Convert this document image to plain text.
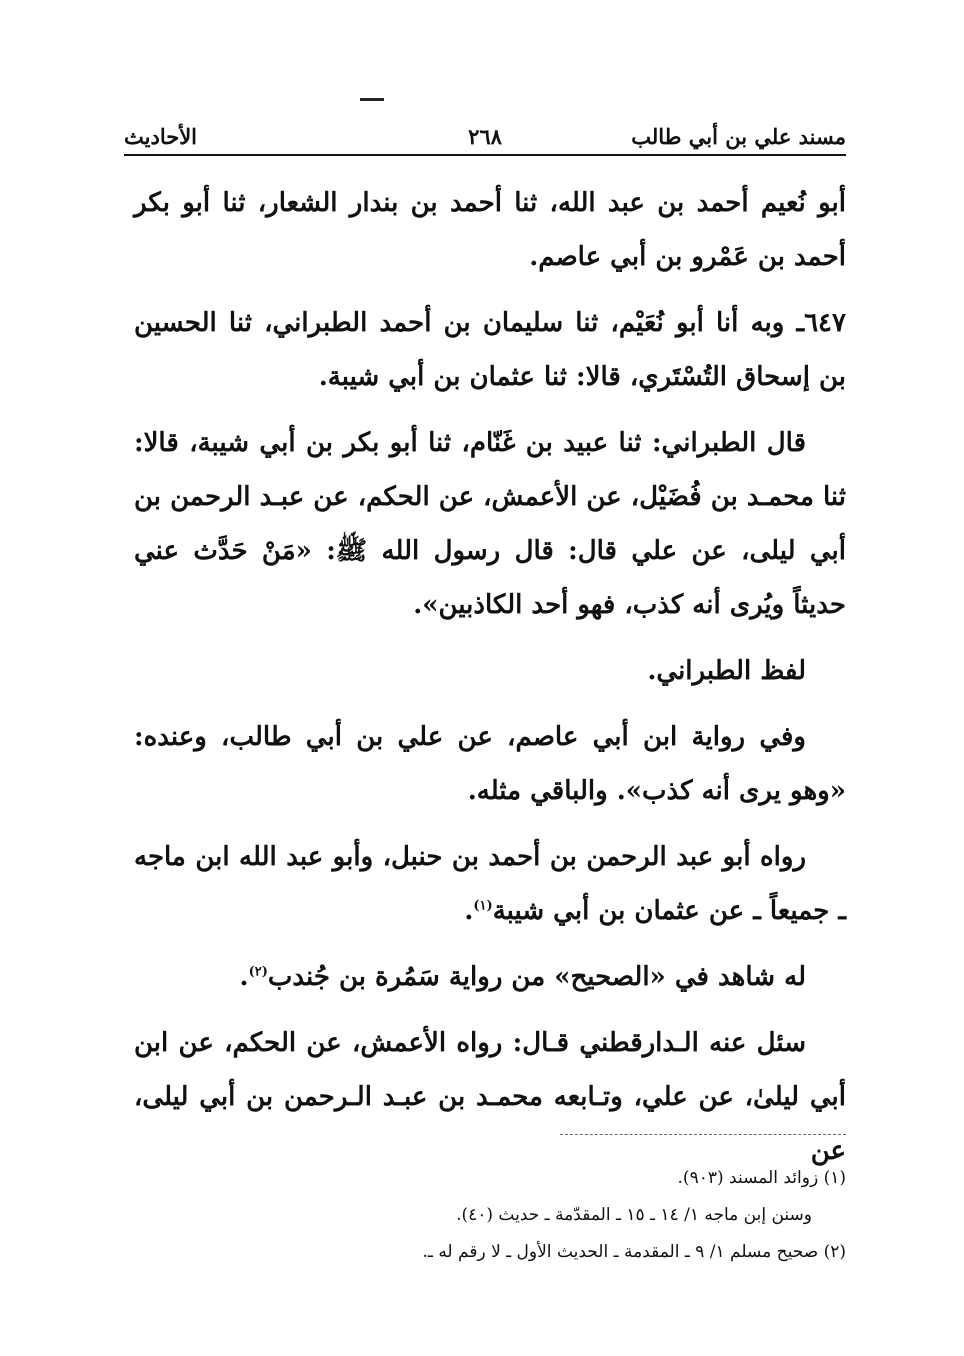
مسند علي بن أبي طالب
٢٦٨
الأحاديث

أبو نُعيم أحمد بن عبد الله، ثنا أحمد بن بندار الشعار، ثنا أبو بكر أحمد بن عَمْرو بن أبي عاصم.

٦٤٧ـ وبه أنا أبو نُعَيْم، ثنا سليمان بن أحمد الطبراني، ثنا الحسين بن إسحاق التُسْتَري، قالا: ثنا عثمان بن أبي شيبة.

قال الطبراني: ثنا عبيد بن غَنّام، ثنا أبو بكر بن أبي شيبة، قالا: ثنا محمـد بن فُضَيْل، عن الأعمش، عن الحكم، عن عبـد الرحمن بن أبي ليلى، عن علي قال: قال رسول الله ﷺ: «مَنْ حَدَّث عني حديثاً ويُرى أنه كذب، فهو أحد الكاذبين».

لفظ الطبراني.

وفي رواية ابن أبي عاصم، عن علي بن أبي طالب، وعنده: «وهو يرى أنه كذب». والباقي مثله.

رواه أبو عبد الرحمن بن أحمد بن حنبل، وأبو عبد الله ابن ماجه ـ جميعاً ـ عن عثمان بن أبي شيبة$^{(١)}$.

له شاهد في «الصحيح» من رواية سَمُرة بن جُندب$^{(٢)}$.

سئل عنه الـدارقطني قـال: رواه الأعمش، عن الحكم، عن ابن أبي ليلىٰ، عن علي، وتـابعه محمـد بن عبـد الـرحمن بن أبي ليلى، عن

(١) زوائد المسند (٩٠٣).

وسنن إبن ماجه ١/ ١٤ ـ ١٥ ـ المقدّمة ـ حديث (٤٠).

(٢) صحيح مسلم ١/ ٩ ـ المقدمة ـ الحديث الأول ـ لا رقم له ـ.
